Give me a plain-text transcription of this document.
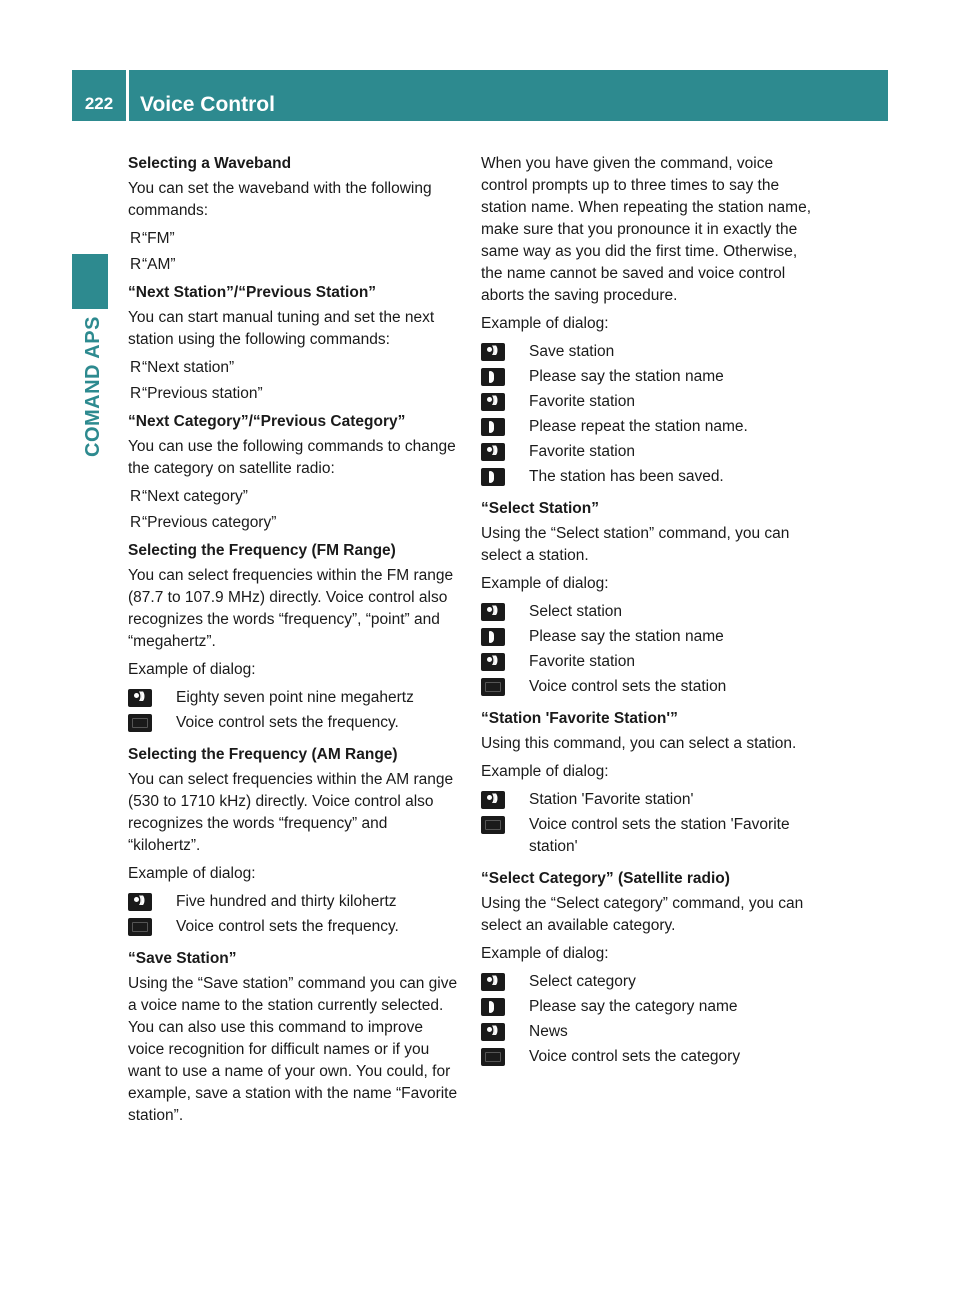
222	Voice Control
COMAND APS
Selecting a Waveband

You can set the waveband with the following commands:

R “FM”
R “AM”
“Next Station”/“Previous Station”

You can start manual tuning and set the next station using the following commands:

R “Next station”
R “Previous station”
“Next Category”/“Previous Category”

You can use the following commands to change the category on satellite radio:

R “Next category”
R “Previous category”
Selecting the Frequency (FM Range)

You can select frequencies within the FM range (87.7 to 107.9 MHz) directly. Voice control also recognizes the words “frequency”, “point” and “megahertz”.

Example of dialog:

)))
Eighty seven point nine megahertz
Voice control sets the frequency.
Selecting the Frequency (AM Range)

You can select frequencies within the AM range (530 to 1710 kHz) directly. Voice control also recognizes the words “frequency” and “kilohertz”.

Example of dialog:

)))
Five hundred and thirty kilohertz
Voice control sets the frequency.
“Save Station”

Using the “Save station” command you can give a voice name to the station currently selected. You can also use this command to improve voice recognition for difficult names or if you want to use a name of your own. You could, for example, save a station with the name “Favorite station”.

When you have given the command, voice control prompts up to three times to say the station name. When repeating the station name, make sure that you pronounce it in exactly the same way as you did the first time. Otherwise, the name cannot be saved and voice control aborts the saving procedure.

Example of dialog:

)))
Save station
Please say the station name
)))
Favorite station
Please repeat the station name.
)))
Favorite station
The station has been saved.
“Select Station”

Using the “Select station” command, you can select a station.

Example of dialog:

)))
Select station
Please say the station name
)))
Favorite station
Voice control sets the station
“Station 'Favorite Station'”

Using this command, you can select a station.

Example of dialog:

)))
Station 'Favorite station'
Voice control sets the station 'Favorite station'
“Select Category” (Satellite radio)

Using the “Select category” command, you can select an available category.

Example of dialog:

)))
Select category
Please say the category name
)))
News
Voice control sets the category
